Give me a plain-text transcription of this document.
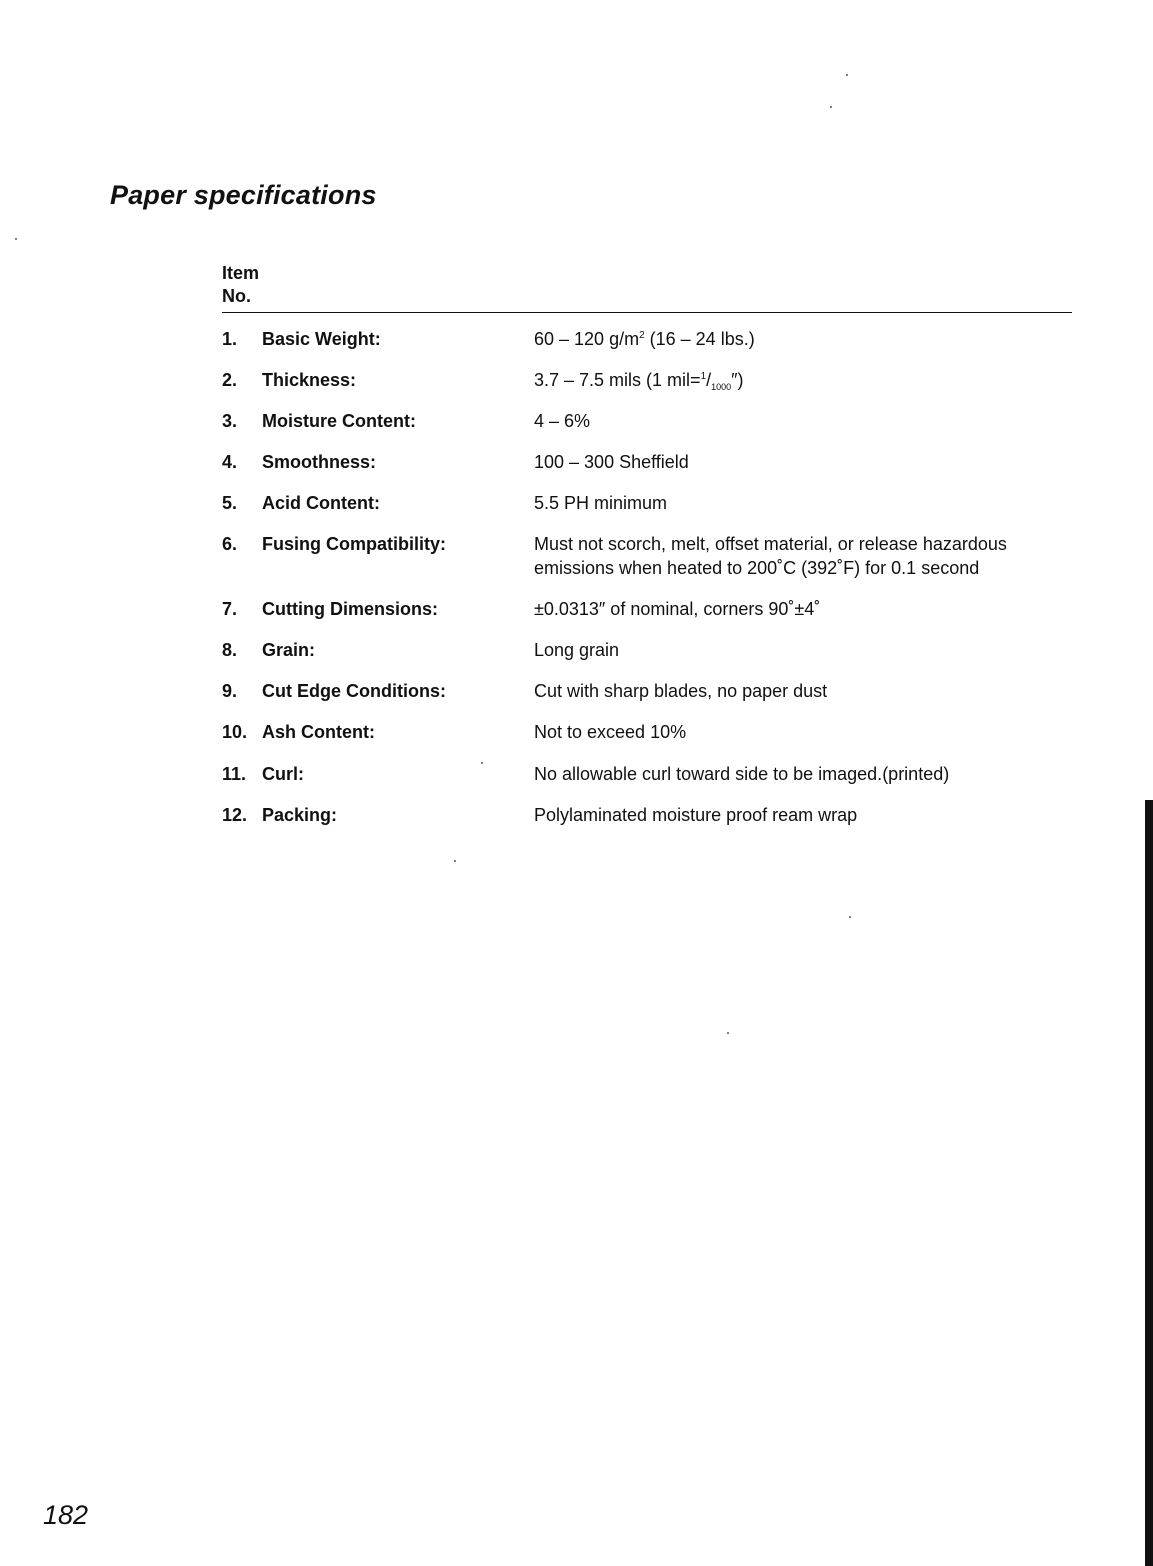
Paper specifications
Item
No.
1. Basic Weight:	60 – 120 $g/m^2$ (16 – 24 lbs.)
2. Thickness:	3.7 – 7.5 mils (1 $mil=^1/_{1000}''$)
3. Moisture Content:	4 – 6%
4. Smoothness:	100 – 300 Sheffield
5. Acid Content:	5.5 PH minimum
6. Fusing Compatibility:	Must not scorch, melt, offset material, or release hazardous
emissions when heated to 200˚C (392˚F) for 0.1 second
7. Cutting Dimensions:	±0.0313″ of nominal, corners 90˚±4˚
8. Grain:	Long grain
9. Cut Edge Conditions:	Cut with sharp blades, no paper dust
10. Ash Content:	Not to exceed 10%
11. Curl:	No allowable curl toward side to be imaged.(printed)
12. Packing:	Polylaminated moisture proof ream wrap
182
